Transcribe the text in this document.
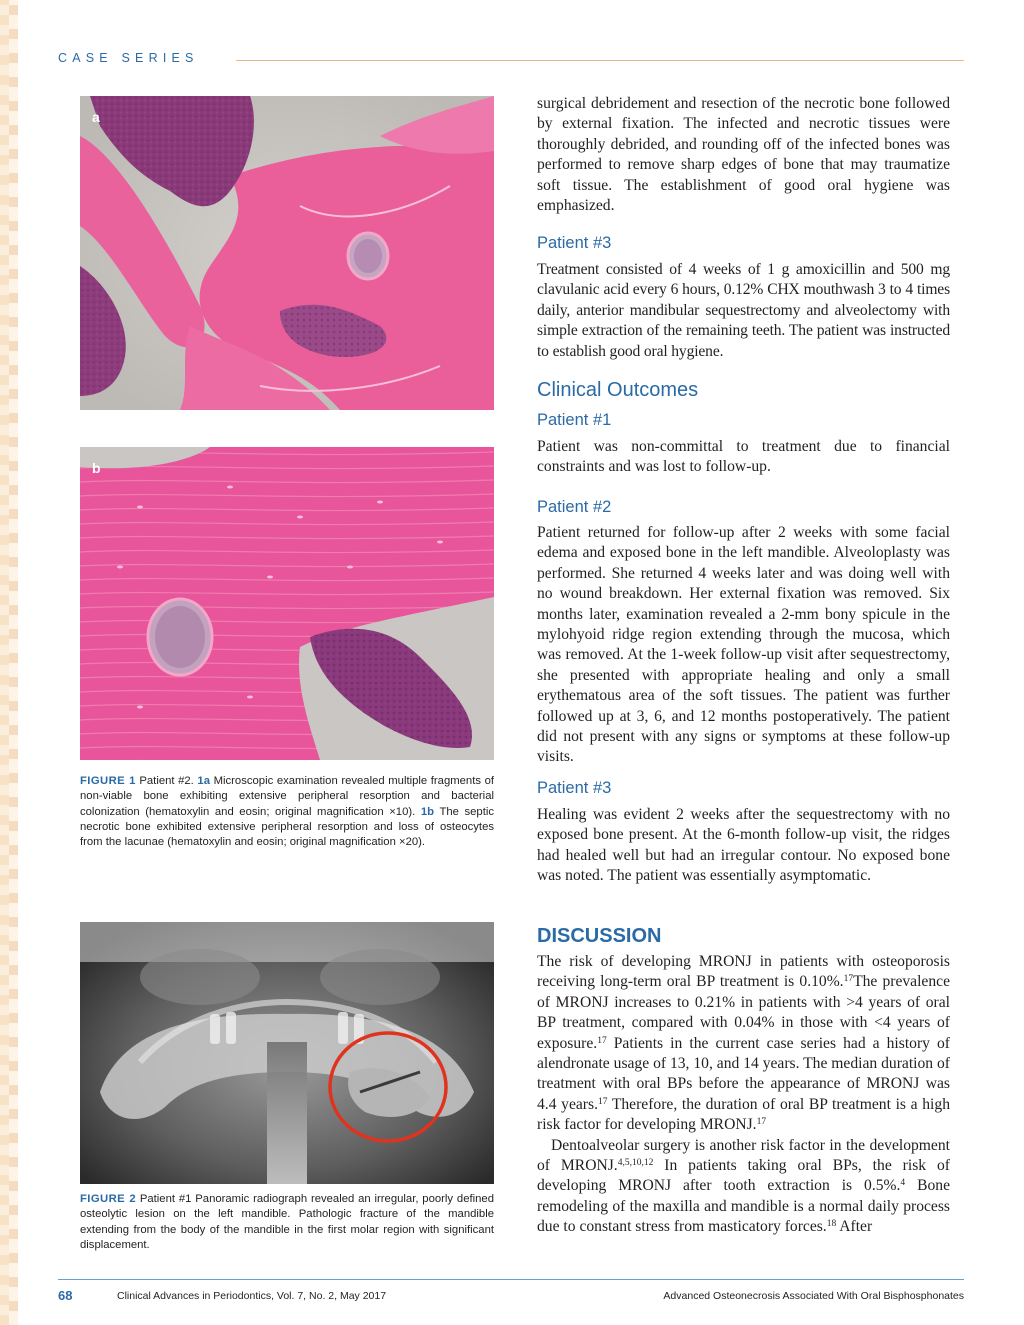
CASE SERIES
a
b
FIGURE 1 Patient #2. 1a Microscopic examination revealed multiple fragments of non-viable bone exhibiting extensive peripheral resorption and bacterial colonization (hematoxylin and eosin; original magnification ×10). 1b The septic necrotic bone exhibited extensive peripheral resorption and loss of osteocytes from the lacunae (hematoxylin and eosin; original magnification ×20).
FIGURE 2 Patient #1 Panoramic radiograph revealed an irregular, poorly defined osteolytic lesion on the left mandible. Pathologic fracture of the mandible extending from the body of the mandible in the first molar region with significant displacement.

surgical debridement and resection of the necrotic bone followed by external fixation. The infected and necrotic tissues were thoroughly debrided, and rounding off of the infected bones was performed to remove sharp edges of bone that may traumatize soft tissue. The establishment of good oral hygiene was emphasized.

Patient #3

Treatment consisted of 4 weeks of 1 g amoxicillin and 500 mg clavulanic acid every 6 hours, 0.12% CHX mouthwash 3 to 4 times daily, anterior mandibular sequestrectomy and alveolectomy with simple extraction of the remaining teeth. The patient was instructed to establish good oral hygiene.

Clinical Outcomes
Patient #1

Patient was non-committal to treatment due to financial constraints and was lost to follow-up.

Patient #2

Patient returned for follow-up after 2 weeks with some facial edema and exposed bone in the left mandible. Alveoloplasty was performed. She returned 4 weeks later and was doing well with no wound breakdown. Her external fixation was removed. Six months later, examination revealed a 2-mm bony spicule in the mylohyoid ridge region extending through the mucosa, which was removed. At the 1-week follow-up visit after sequestrectomy, she presented with appropriate healing and only a small erythematous area of the soft tissues. The patient was further followed up at 3, 6, and 12 months postoperatively. The patient did not present with any signs or symptoms at these follow-up visits.

Patient #3

Healing was evident 2 weeks after the sequestrectomy with no exposed bone present. At the 6-month follow-up visit, the ridges had healed well but had an irregular contour. No exposed bone was noted. The patient was essentially asymptomatic.

DISCUSSION

The risk of developing MRONJ in patients with osteoporosis receiving long-term oral BP treatment is 0.10%.$^{17}$The prevalence of MRONJ increases to 0.21% in patients with >4 years of oral BP treatment, compared with 0.04% in those with <4 years of exposure.$^{17}$ Patients in the current case series had a history of alendronate usage of 13, 10, and 14 years. The median duration of treatment with oral BPs before the appearance of MRONJ was 4.4 years.$^{17}$ Therefore, the duration of oral BP treatment is a high risk factor for developing MRONJ.$^{17}$

Dentoalveolar surgery is another risk factor in the development of MRONJ.$^{4,5,10,12}$ In patients taking oral BPs, the risk of developing MRONJ after tooth extraction is 0.5%.$^4$ Bone remodeling of the maxilla and mandible is a normal daily process due to constant stress from masticatory forces.$^{18}$ After

68	Clinical Advances in Periodontics, Vol. 7, No. 2, May 2017	Advanced Osteonecrosis Associated With Oral Bisphosphonates
